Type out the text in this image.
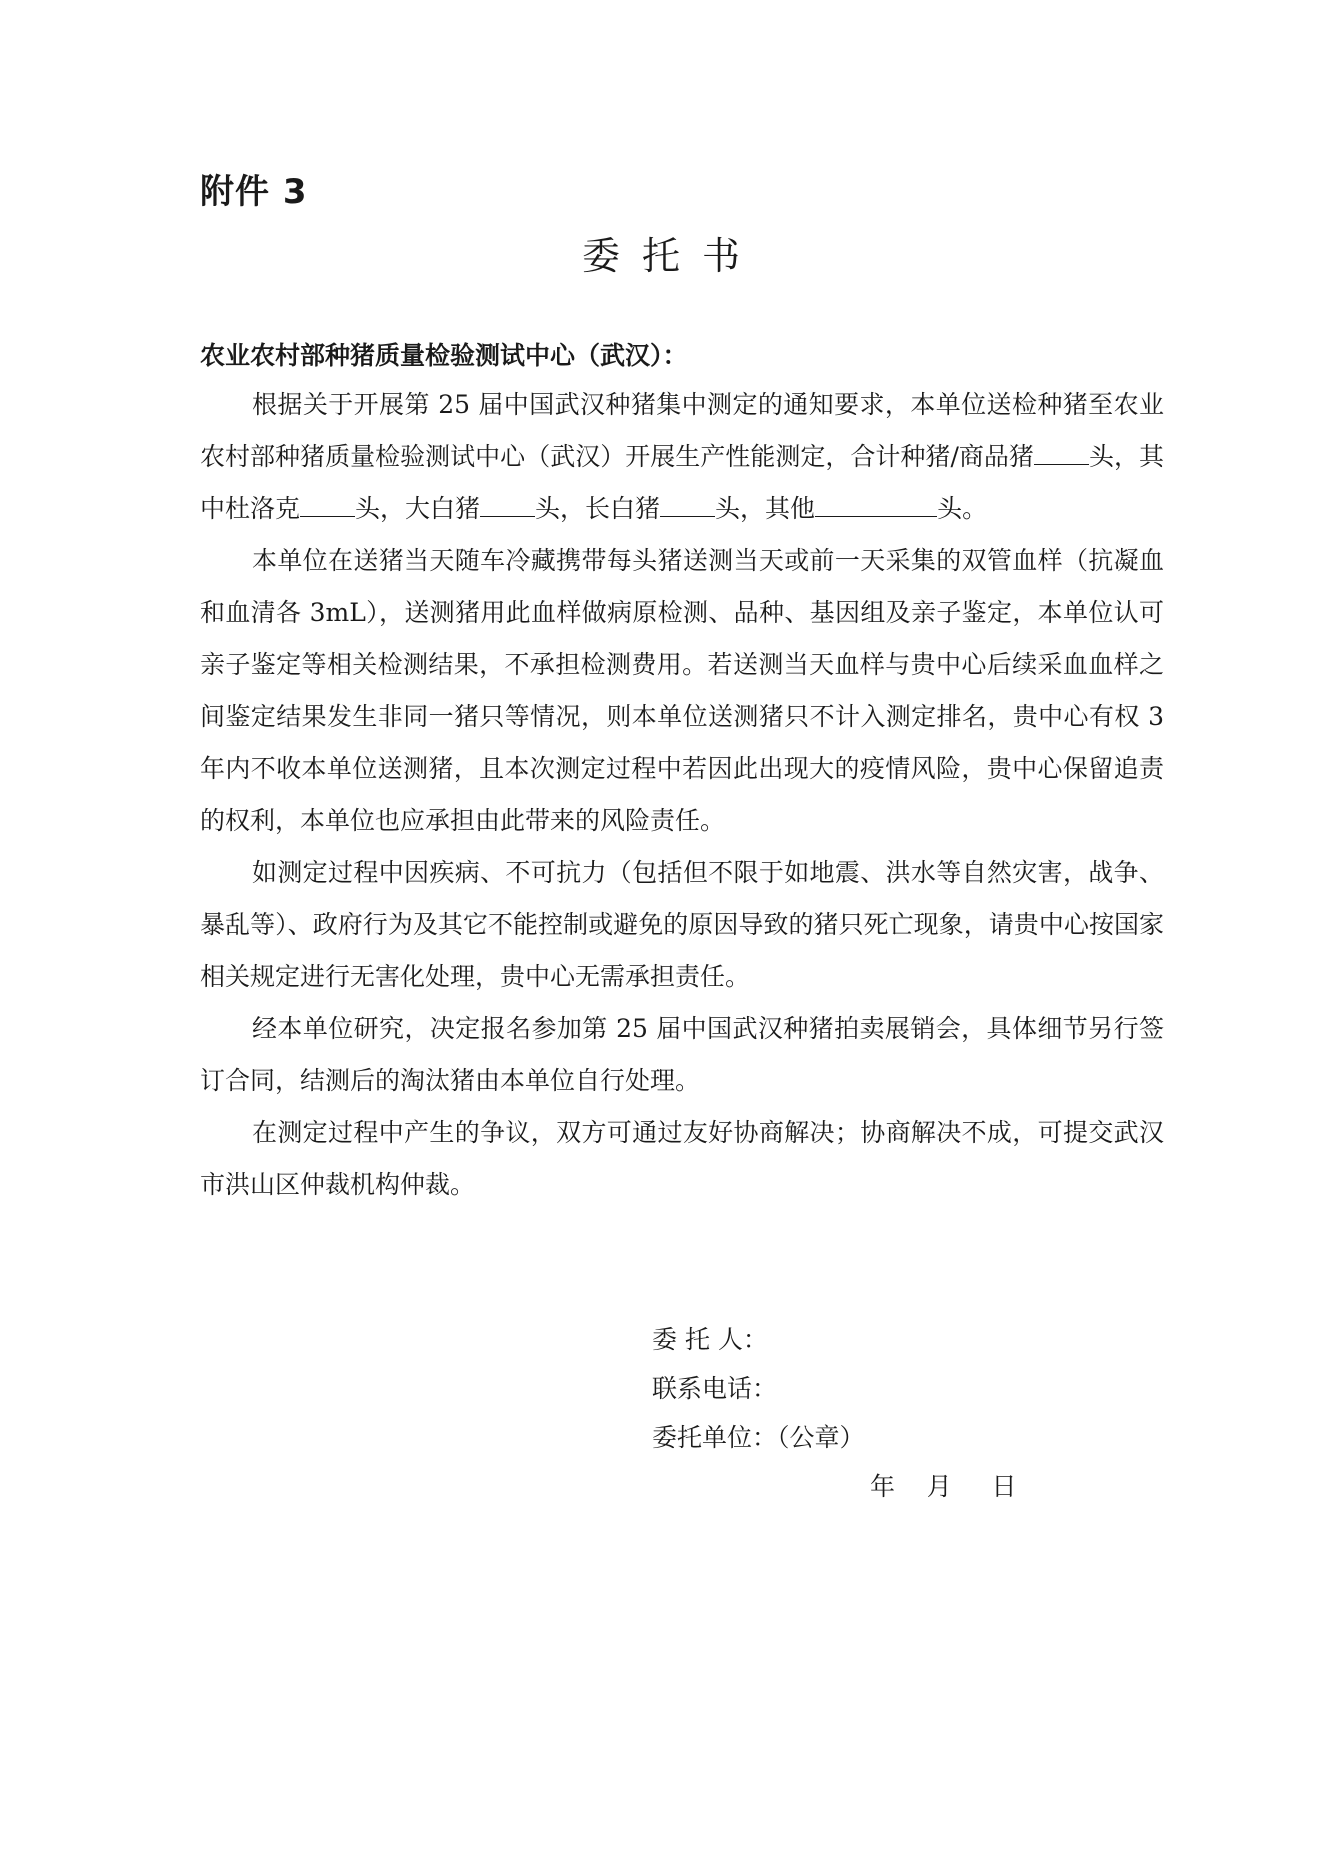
附件 3
委托书
农业农村部种猪质量检验测试中心（武汉）：

根据关于开展第 25 届中国武汉种猪集中测定的通知要求，本单位送检种猪至农业农村部种猪质量检验测试中心（武汉）开展生产性能测定，合计种猪/商品猪 头，其中杜洛克 头，大白猪 头，长白猪 头，其他	头。

本单位在送猪当天随车冷藏携带每头猪送测当天或前一天采集的双管血样（抗凝血和血清各 3mL），送测猪用此血样做病原检测、品种、基因组及亲子鉴定，本单位认可亲子鉴定等相关检测结果，不承担检测费用。若送测当天血样与贵中心后续采血血样之间鉴定结果发生非同一猪只等情况，则本单位送测猪只不计入测定排名，贵中心有权 3 年内不收本单位送测猪，且本次测定过程中若因此出现大的疫情风险，贵中心保留追责的权利，本单位也应承担由此带来的风险责任。

如测定过程中因疾病、不可抗力（包括但不限于如地震、洪水等自然灾害，战争、暴乱等）、政府行为及其它不能控制或避免的原因导致的猪只死亡现象，请贵中心按国家相关规定进行无害化处理，贵中心无需承担责任。

经本单位研究，决定报名参加第 25 届中国武汉种猪拍卖展销会，具体细节另行签订合同，结测后的淘汰猪由本单位自行处理。

在测定过程中产生的争议，双方可通过友好协商解决；协商解决不成，可提交武汉市洪山区仲裁机构仲裁。

委 托 人：
联系电话：
委托单位：（公章）
年    月     日
